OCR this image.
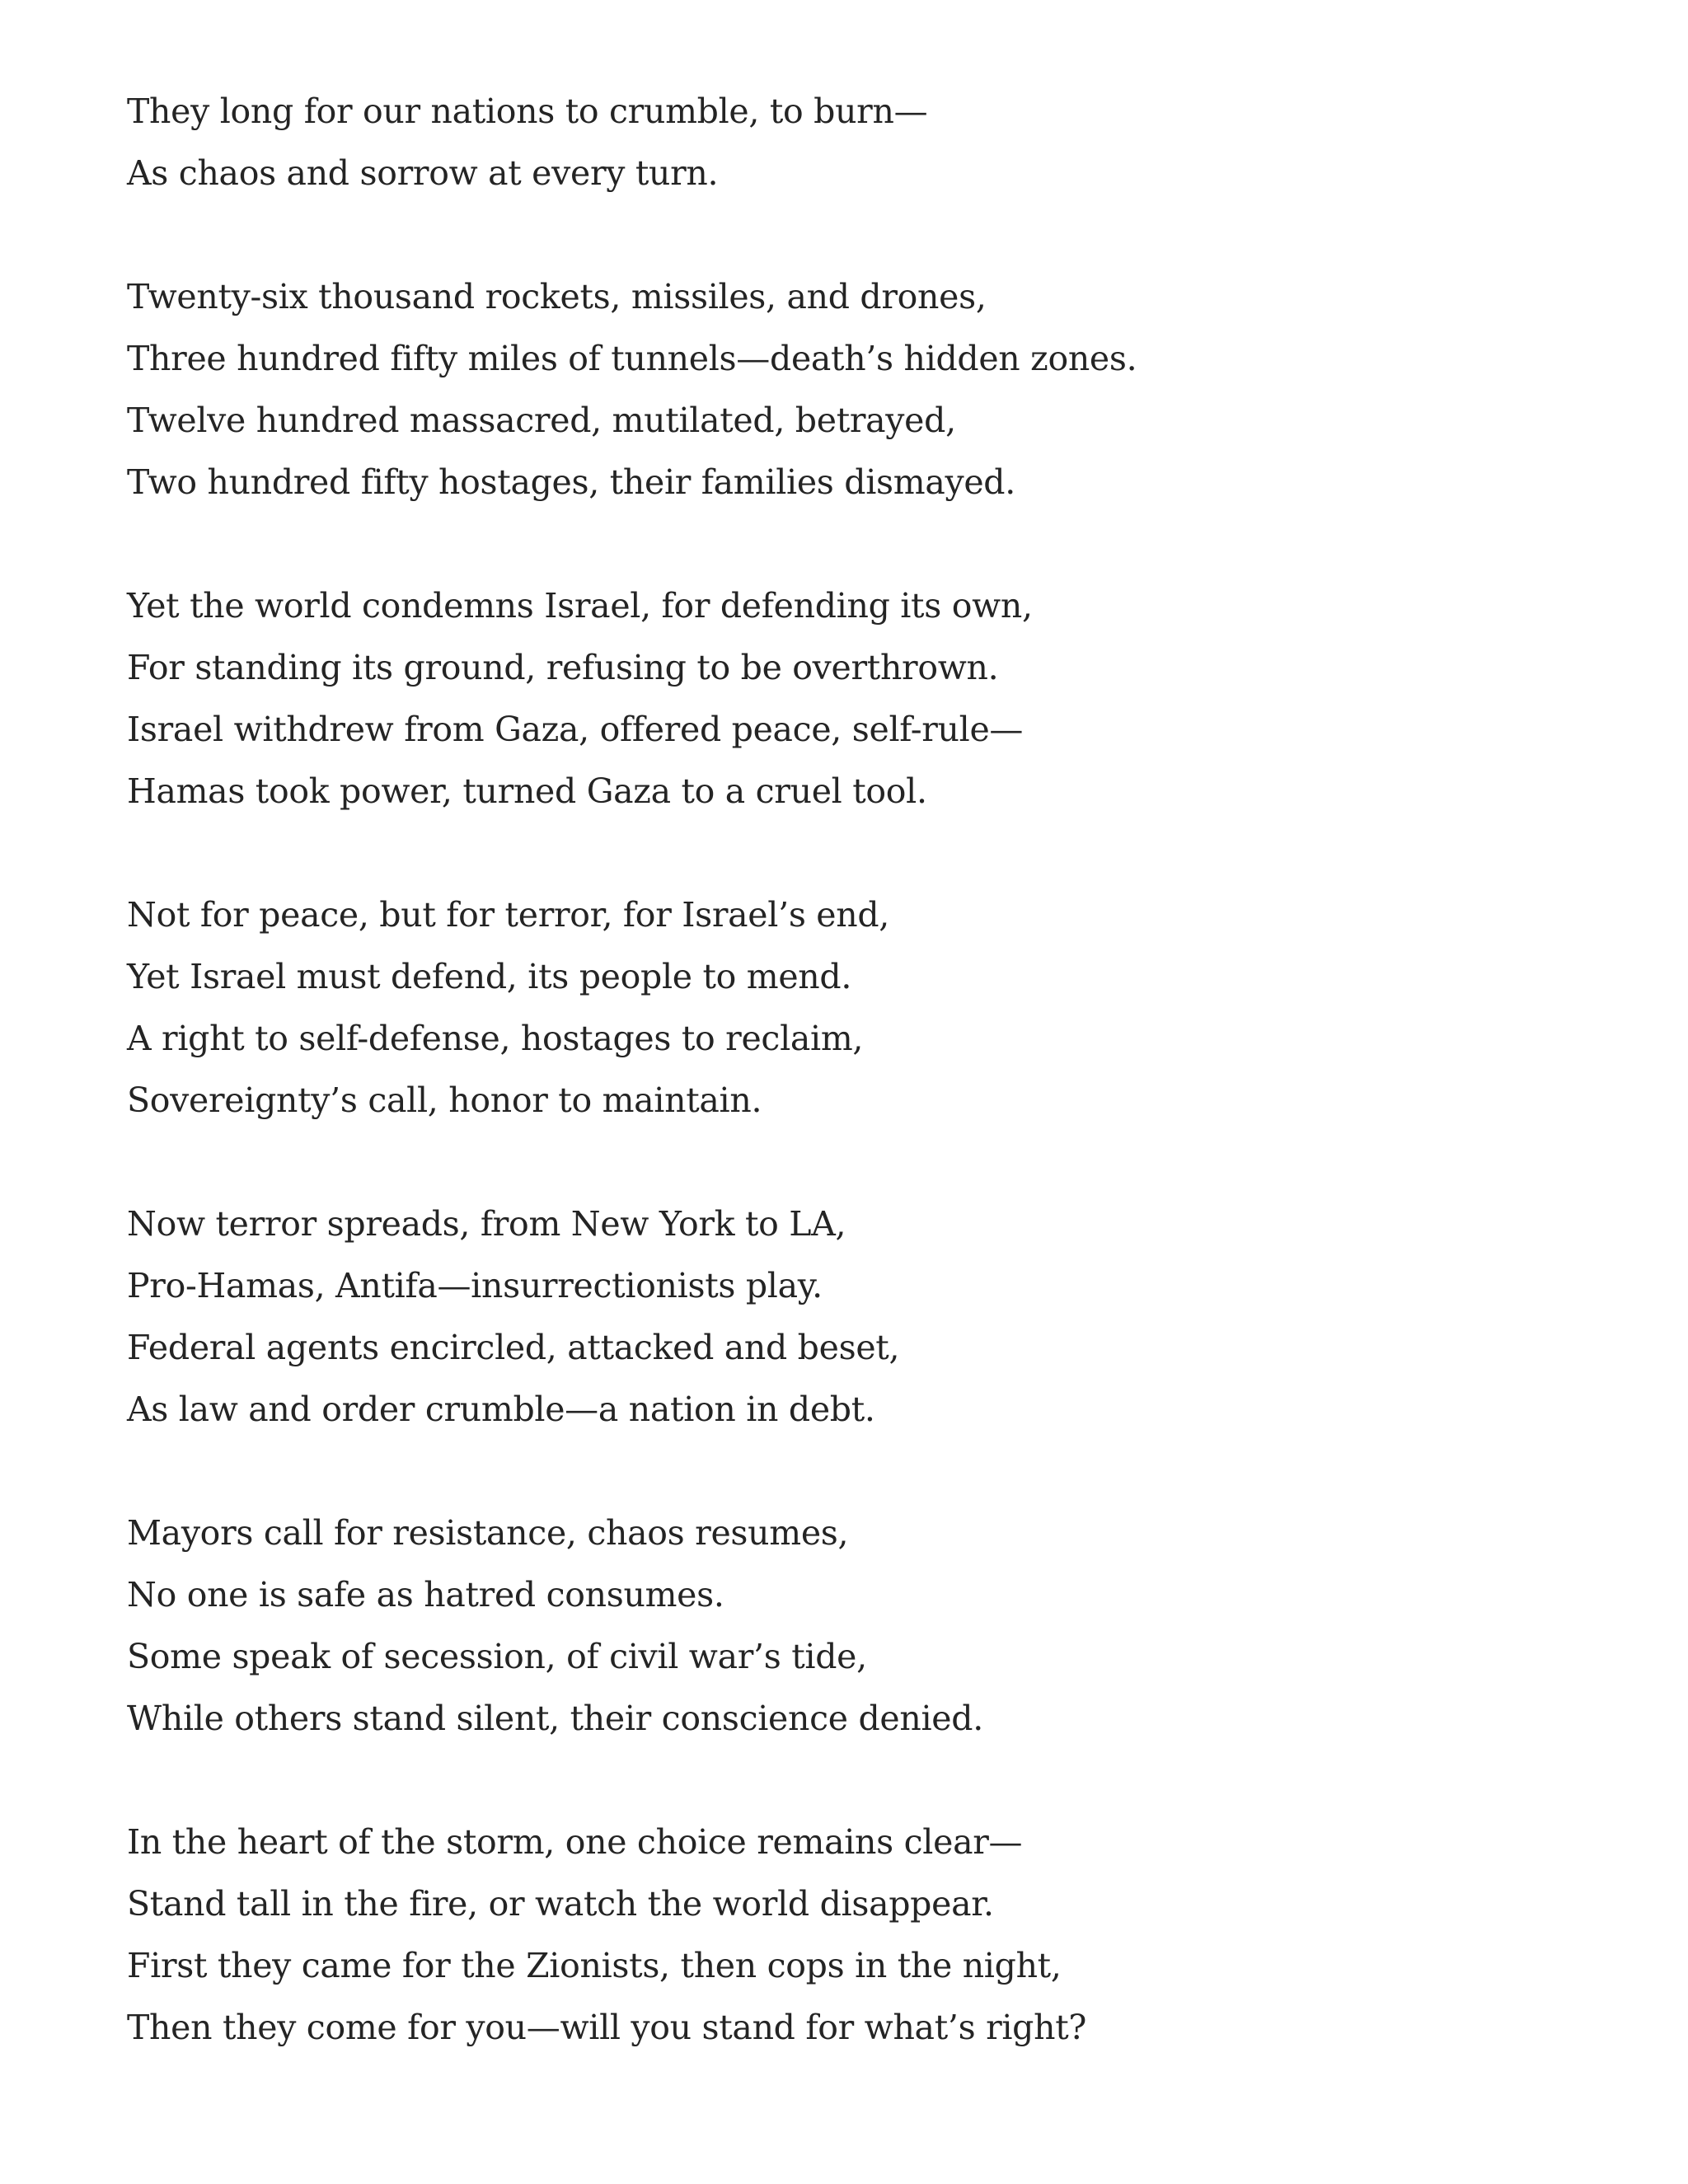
They long for our nations to crumble, to burn—
As chaos and sorrow at every turn.
Twenty-six thousand rockets, missiles, and drones,
Three hundred fifty miles of tunnels—death’s hidden zones.
Twelve hundred massacred, mutilated, betrayed,
Two hundred fifty hostages, their families dismayed.
Yet the world condemns Israel, for defending its own,
For standing its ground, refusing to be overthrown.
Israel withdrew from Gaza, offered peace, self-rule—
Hamas took power, turned Gaza to a cruel tool.
Not for peace, but for terror, for Israel’s end,
Yet Israel must defend, its people to mend.
A right to self-defense, hostages to reclaim,
Sovereignty’s call, honor to maintain.
Now terror spreads, from New York to LA,
Pro-Hamas, Antifa—insurrectionists play.
Federal agents encircled, attacked and beset,
As law and order crumble—a nation in debt.
Mayors call for resistance, chaos resumes,
No one is safe as hatred consumes.
Some speak of secession, of civil war’s tide,
While others stand silent, their conscience denied.
In the heart of the storm, one choice remains clear—
Stand tall in the fire, or watch the world disappear.
First they came for the Zionists, then cops in the night,
Then they come for you—will you stand for what’s right?
